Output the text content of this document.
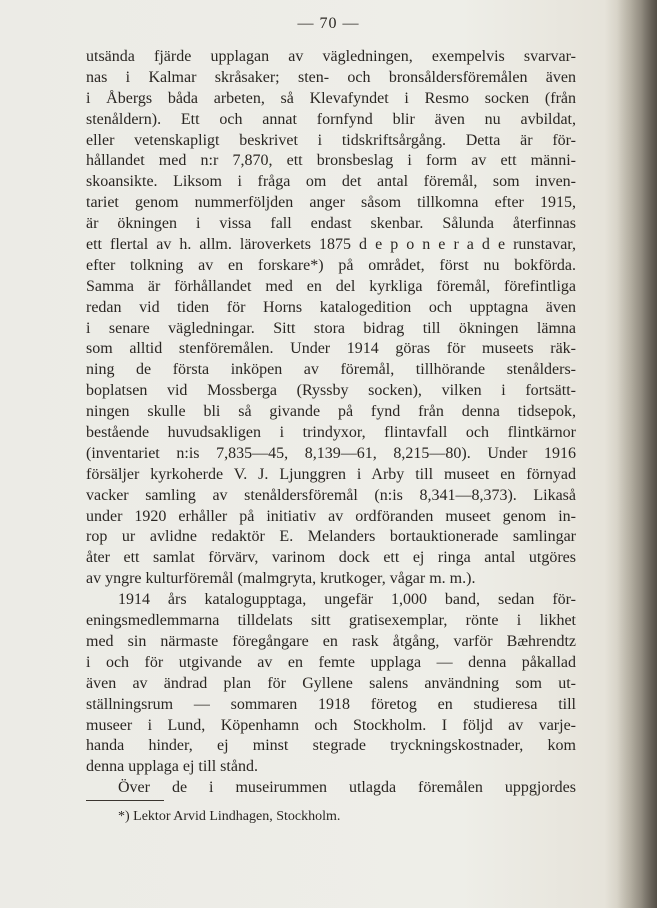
— 70 —
utsända fjärde upplagan av vägledningen, exempelvis svarvar-
nas i Kalmar skråsaker; sten- och bronsåldersföremålen även
i Åbergs båda arbeten, så Klevafyndet i Resmo socken (från
stenåldern). Ett och annat fornfynd blir även nu avbildat,
eller vetenskapligt beskrivet i tidskriftsårgång. Detta är för-
hållandet med n:r 7,870, ett bronsbeslag i form av ett männi-
skoansikte. Liksom i fråga om det antal föremål, som inven-
tariet genom nummerföljden anger såsom tillkomna efter 1915,
är ökningen i vissa fall endast skenbar. Sålunda återfinnas
ett flertal av h. allm. läroverkets 1875 d e p o n e r a d e runstavar,
efter tolkning av en forskare*) på området, först nu bokförda.
Samma är förhållandet med en del kyrkliga föremål, förefintliga
redan vid tiden för Horns katalogedition och upptagna även
i senare vägledningar. Sitt stora bidrag till ökningen lämna
som alltid stenföremålen. Under 1914 göras för museets räk-
ning de första inköpen av föremål, tillhörande stenålders-
boplatsen vid Mossberga (Ryssby socken), vilken i fortsätt-
ningen skulle bli så givande på fynd från denna tidsepok,
bestående huvudsakligen i trindyxor, flintavfall och flintkärnor
(inventariet n:is 7,835—45, 8,139—61, 8,215—80). Under 1916
försäljer kyrkoherde V. J. Ljunggren i Arby till museet en förnyad
vacker samling av stenåldersföremål (n:is 8,341—8,373). Likaså
under 1920 erhåller på initiativ av ordföranden museet genom in-
rop ur avlidne redaktör E. Melanders bortauktionerade samlingar
åter ett samlat förvärv, varinom dock ett ej ringa antal utgöres
av yngre kulturföremål (malmgryta, krutkoger, vågar m. m.).
1914 års katalogupptaga, ungefär 1,000 band, sedan för-
eningsmedlemmarna tilldelats sitt gratisexemplar, rönte i likhet
med sin närmaste föregångare en rask åtgång, varför Bæhrendtz
i och för utgivande av en femte upplaga — denna påkallad
även av ändrad plan för Gyllene salens användning som ut-
ställningsrum — sommaren 1918 företog en studieresa till
museer i Lund, Köpenhamn och Stockholm. I följd av varje-
handa hinder, ej minst stegrade tryckningskostnader, kom
denna upplaga ej till stånd.
Över de i museirummen utlagda föremålen uppgjordes
*) Lektor Arvid Lindhagen, Stockholm.
